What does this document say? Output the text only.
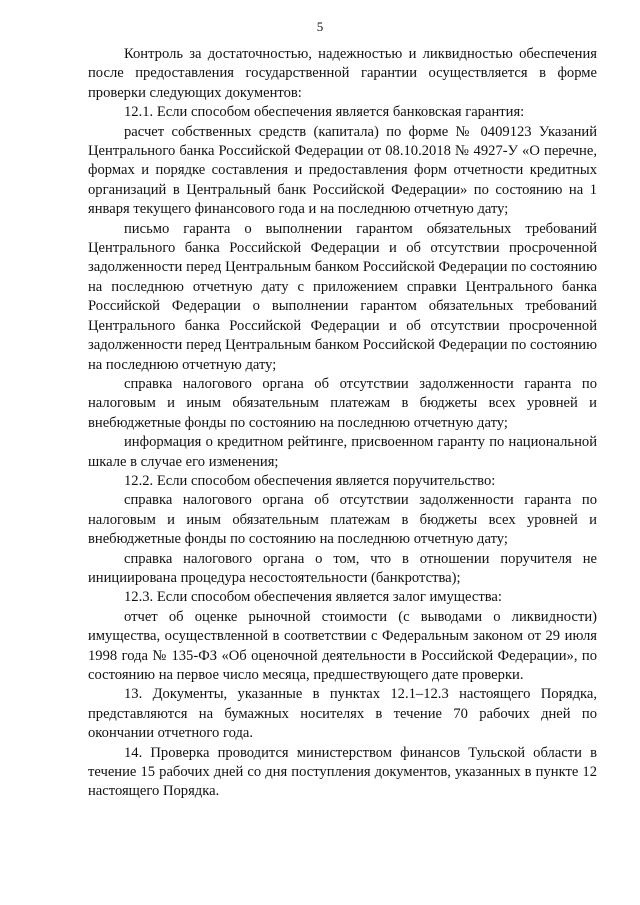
5

Контроль за достаточностью, надежностью и ликвидностью обеспечения после предоставления государственной гарантии осуществляется в форме проверки следующих документов:

12.1. Если способом обеспечения является банковская гарантия:

расчет собственных средств (капитала) по форме № 0409123 Указаний Центрального банка Российской Федерации от 08.10.2018 № 4927-У «О перечне, формах и порядке составления и предоставления форм отчетности кредитных организаций в Центральный банк Российской Федерации» по состоянию на 1 января текущего финансового года и на последнюю отчетную дату;

письмо гаранта о выполнении гарантом обязательных требований Центрального банка Российской Федерации и об отсутствии просроченной задолженности перед Центральным банком Российской Федерации по состоянию на последнюю отчетную дату с приложением справки Центрального банка Российской Федерации о выполнении гарантом обязательных требований Центрального банка Российской Федерации и об отсутствии просроченной задолженности перед Центральным банком Российской Федерации по состоянию на последнюю отчетную дату;

справка налогового органа об отсутствии задолженности гаранта по налоговым и иным обязательным платежам в бюджеты всех уровней и внебюджетные фонды по состоянию на последнюю отчетную дату;

информация о кредитном рейтинге, присвоенном гаранту по национальной шкале в случае его изменения;

12.2. Если способом обеспечения является поручительство:

справка налогового органа об отсутствии задолженности гаранта по налоговым и иным обязательным платежам в бюджеты всех уровней и внебюджетные фонды по состоянию на последнюю отчетную дату;

справка налогового органа о том, что в отношении поручителя не инициирована процедура несостоятельности (банкротства);

12.3. Если способом обеспечения является залог имущества:

отчет об оценке рыночной стоимости (с выводами о ликвидности) имущества, осуществленной в соответствии с Федеральным законом от 29 июля 1998 года № 135-ФЗ «Об оценочной деятельности в Российской Федерации», по состоянию на первое число месяца, предшествующего дате проверки.

13. Документы, указанные в пунктах 12.1–12.3 настоящего Порядка, представляются на бумажных носителях в течение 70 рабочих дней по окончании отчетного года.

14. Проверка проводится министерством финансов Тульской области в течение 15 рабочих дней со дня поступления документов, указанных в пункте 12 настоящего Порядка.
